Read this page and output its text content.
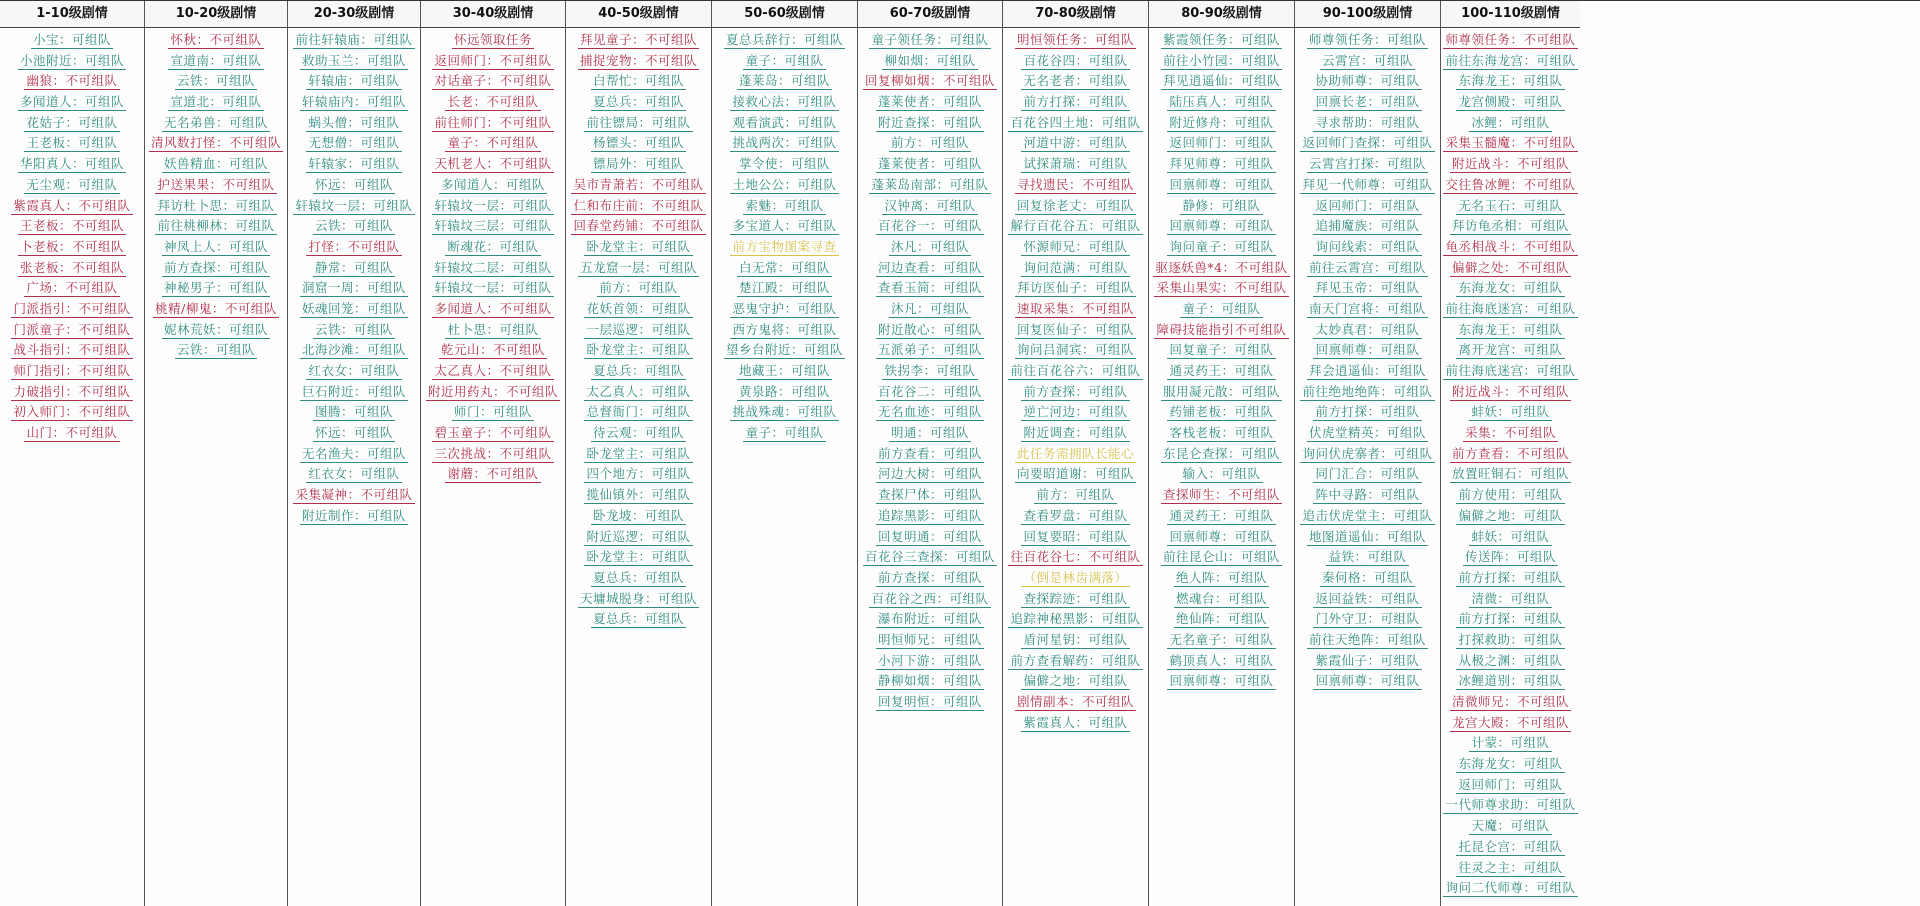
1-10级剧情
小宝：可组队
小池附近：可组队
幽狼：不可组队
多闻道人：可组队
花姑子：可组队
王老板：可组队
华阳真人：可组队
无尘观：可组队
紫霞真人：不可组队
王老板：不可组队
卜老板：不可组队
张老板：不可组队
广场：不可组队
门派指引：不可组队
门派童子：不可组队
战斗指引：不可组队
师门指引：不可组队
力破指引：不可组队
初入师门：不可组队
山门：不可组队
10-20级剧情
怀秋：不可组队
宣道南：可组队
云铁：可组队
宣道北：可组队
无名弟兽：可组队
清风数打怪：不可组队
妖兽精血：可组队
护送果果：不可组队
拜访杜卜思：可组队
前往桃柳林：可组队
神凤上人：可组队
前方查探：可组队
神秘男子：可组队
桃精/柳鬼：不可组队
妮林荒妖：可组队
云铁：可组队
20-30级剧情
前往轩辕庙：可组队
救助玉兰：可组队
轩辕庙：可组队
轩辕庙内：可组队
蜗头僧：可组队
无想僧：可组队
轩辕家：可组队
怀远：可组队
轩辕坟一层：可组队
云铁：可组队
打怪：不可组队
静常：可组队
洞窟一周：可组队
妖魂回笼：可组队
云铁：可组队
北海沙滩：可组队
红衣女：可组队
巨石附近：可组队
图腾：可组队
怀远：可组队
无名渔夫：可组队
红衣女：可组队
采集凝神：不可组队
附近制作：可组队
30-40级剧情
怀远领取任务
返回师门：不可组队
对话童子：不可组队
长老：不可组队
前往师门：不可组队
童子：不可组队
天机老人：不可组队
多闻道人：可组队
轩辕坟一层：可组队
轩辕坟三层：可组队
断魂花：可组队
轩辕坟二层：可组队
轩辕坟一层：可组队
多闻道人：不可组队
杜卜思：可组队
乾元山：不可组队
太乙真人：不可组队
附近用药丸：不可组队
师门：可组队
碧玉童子：不可组队
三次挑战：不可组队
谢蘑：不可组队
40-50级剧情
拜见童子：不可组队
捕捉宠物：不可组队
白帮忙：可组队
夏总兵：可组队
前往镖局：可组队
杨镖头：可组队
镖局外：可组队
吴市青萧若：不可组队
仁和布庄前：不可组队
回春堂药铺：不可组队
卧龙堂主：可组队
五龙窟一层：可组队
前方：可组队
花妖首领：可组队
一层巡逻：可组队
卧龙堂主：可组队
夏总兵：可组队
太乙真人：可组队
总督衙门：可组队
待云观：可组队
卧龙堂主：可组队
四个地方：可组队
揽仙镇外：可组队
卧龙坡：可组队
附近巡逻：可组队
卧龙堂主：可组队
夏总兵：可组队
天墉城脱身：可组队
夏总兵：可组队
50-60级剧情
夏总兵辞行：可组队
童子：可组队
蓬莱岛：可组队
接救心法：可组队
观看演武：可组队
挑战两次：可组队
掌令使：可组队
土地公公：可组队
索魅：可组队
多宝道人：可组队
前方宝物图案寻查
白无常：可组队
楚江殿：可组队
恶鬼守护：可组队
西方鬼将：可组队
望乡台附近：可组队
地藏王：可组队
黄泉路：可组队
挑战殊魂：可组队
童子：可组队
60-70级剧情
童子领任务：可组队
柳如烟：可组队
回复柳如烟：不可组队
蓬莱使者：可组队
附近查探：可组队
前方：可组队
蓬莱使者：可组队
蓬莱岛南部：可组队
汉钟离：可组队
百花谷一：可组队
沐凡：可组队
河边查看：可组队
查看玉简：可组队
沐凡：可组队
附近散心：可组队
五派弟子：可组队
铁拐李：可组队
百花谷二：可组队
无名血迹：可组队
明通：可组队
前方查看：可组队
河边大树：可组队
查探尸体：可组队
追踪黑影：可组队
回复明通：可组队
百花谷三查探：可组队
前方查探：可组队
百花谷之西：可组队
瀑布附近：可组队
明恒师兄：可组队
小河下游：可组队
静柳如烟：可组队
回复明恒：可组队
70-80级剧情
明恒领任务：可组队
百花谷四：可组队
无名老者：可组队
前方打探：可组队
百花谷四土地：可组队
河道中游：可组队
试探萧瑞：可组队
寻找遗民：不可组队
回复徐老丈：可组队
解行百花谷五：可组队
怀源师兄：可组队
询问范满：可组队
拜访医仙子：可组队
速取采集：不可组队
回复医仙子：可组队
询问吕洞宾：可组队
前往百花谷六：可组队
前方查探：可组队
逆亡河边：可组队
附近调查：可组队
此任务需拥队长能心
向要昭道谢：可组队
前方：可组队
查看罗盘：可组队
回复要昭：可组队
往百花谷七：不可组队
（倒是林齿满落）
查探踪迹：可组队
追踪神秘黑影：可组队
盾河星钥：可组队
前方查看解药：可组队
偏僻之地：可组队
剧情副本：不可组队
紫霞真人：可组队
80-90级剧情
紫霞领任务：可组队
前往小竹园：可组队
拜见逍遥仙：可组队
陆压真人：可组队
附近修舟：可组队
返回师门：可组队
拜见师尊：可组队
回禀师尊：可组队
静修：可组队
回禀师尊：可组队
询问童子：可组队
驱逐妖兽*4：不可组队
采集山果实：不可组队
童子：可组队
障碍技能指引不可组队
回复童子：可组队
通灵药王：可组队
服用凝元散：可组队
药铺老板：可组队
客栈老板：可组队
东昆仑查探：可组队
输入：可组队
查探师生：不可组队
通灵药王：可组队
回禀师尊：可组队
前往昆仑山：可组队
绝人阵：可组队
燃魂台：可组队
绝仙阵：可组队
无名童子：可组队
鹤顶真人：可组队
回禀师尊：可组队
90-100级剧情
师尊领任务：可组队
云霄宫：可组队
协助师尊：可组队
回禀长老：可组队
寻求帮助：可组队
返回师门查探：可组队
云霄宫打探：可组队
拜见一代师尊：可组队
返回师门：可组队
追捕魔族：可组队
询问线索：可组队
前往云霄宫：可组队
拜见玉帝：可组队
南天门宫将：可组队
太妙真君：可组队
回禀师尊：可组队
拜会逍遥仙：可组队
前往绝地绝阵：可组队
前方打探：可组队
伏虎堂精英：可组队
询问伏虎寨者：可组队
同门汇合：可组队
阵中寻路：可组队
追击伏虎堂主：可组队
地图道遥仙：可组队
益铁：可组队
秦何格：可组队
返回益铁：可组队
门外守卫：可组队
前往天绝阵：可组队
紫霞仙子：可组队
回禀师尊：可组队
100-110级剧情
师尊领任务：不可组队
前往东海龙宫：可组队
东海龙王：可组队
龙宫侧殿：可组队
冰鲤：可组队
采集玉髓魔：不可组队
附近战斗：不可组队
交往鲁冰鲤：不可组队
无名玉石：可组队
拜访龟丞相：可组队
龟丞相战斗：不可组队
偏僻之处：不可组队
东海龙女：可组队
前往海底迷宫：可组队
东海龙王：可组队
离开龙宫：可组队
前往海底迷宫：可组队
附近战斗：不可组队
蚌妖：可组队
采集：不可组队
前方查看：不可组队
放置旺铜石：可组队
前方使用：可组队
偏僻之地：可组队
蚌妖：可组队
传送阵：可组队
前方打探：可组队
清微：可组队
前方打探：可组队
打探救助：可组队
从极之渊：可组队
冰鲤道别：可组队
清微师兄：不可组队
龙宫大殿：不可组队
计蒙：可组队
东海龙女：可组队
返回师门：可组队
一代师尊求助：可组队
天魔：可组队
托昆仑宫：可组队
往灵之主：可组队
询问二代师尊：可组队
